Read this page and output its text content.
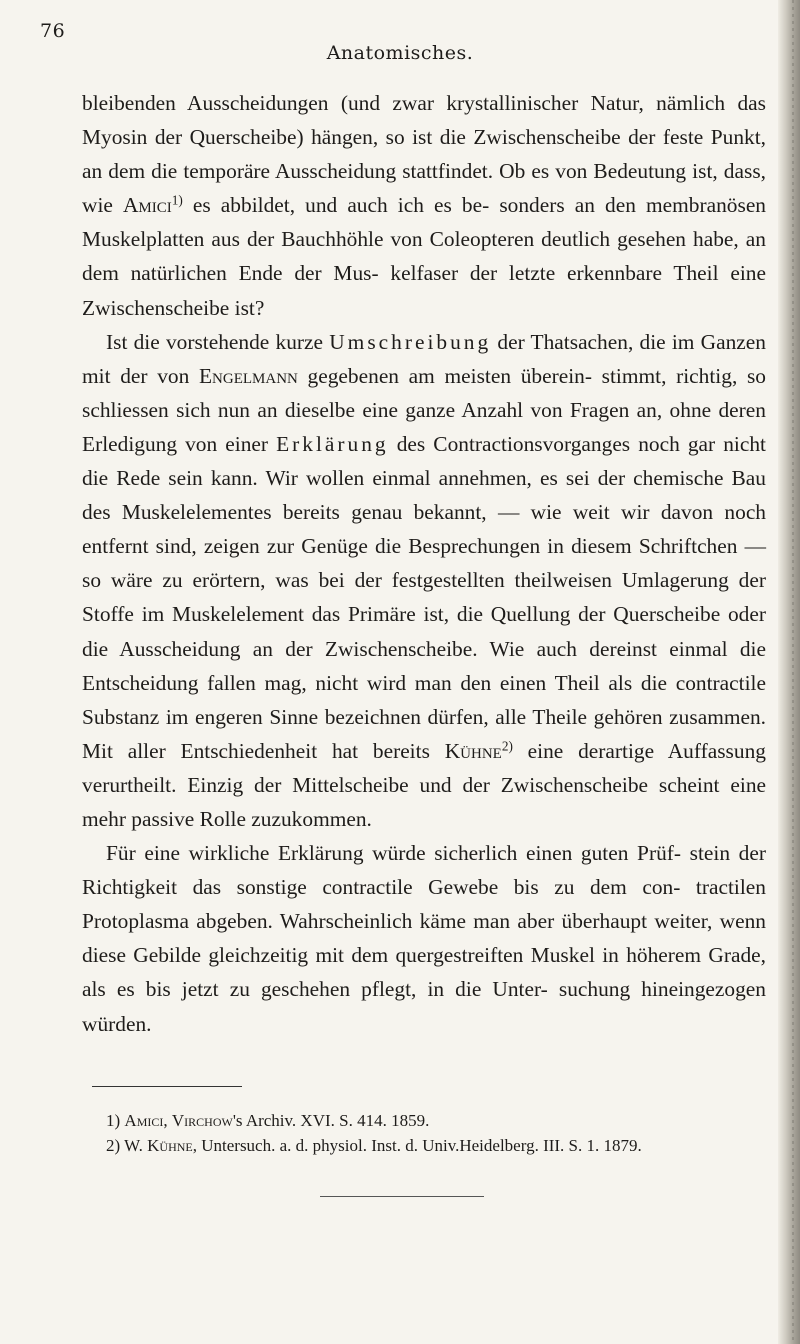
76
Anatomisches.

bleibenden Ausscheidungen (und zwar krystallinischer Natur, nämlich das Myosin der Querscheibe) hängen, so ist die Zwischenscheibe der feste Punkt, an dem die temporäre Ausscheidung stattfindet. Ob es von Bedeutung ist, dass, wie Amici$^{1)}$ es abbildet, und auch ich es be- sonders an den membranösen Muskelplatten aus der Bauchhöhle von Coleopteren deutlich gesehen habe, an dem natürlichen Ende der Mus- kelfaser der letzte erkennbare Theil eine Zwischenscheibe ist?

Ist die vorstehende kurze Umschreibung der Thatsachen, die im Ganzen mit der von Engelmann gegebenen am meisten überein- stimmt, richtig, so schliessen sich nun an dieselbe eine ganze Anzahl von Fragen an, ohne deren Erledigung von einer Erklärung des Contractionsvorganges noch gar nicht die Rede sein kann. Wir wollen einmal annehmen, es sei der chemische Bau des Muskelelementes bereits genau bekannt, — wie weit wir davon noch entfernt sind, zeigen zur Genüge die Besprechungen in diesem Schriftchen — so wäre zu erörtern, was bei der festgestellten theilweisen Umlagerung der Stoffe im Muskelelement das Primäre ist, die Quellung der Querscheibe oder die Ausscheidung an der Zwischenscheibe. Wie auch dereinst einmal die Entscheidung fallen mag, nicht wird man den einen Theil als die contractile Substanz im engeren Sinne bezeichnen dürfen, alle Theile gehören zusammen. Mit aller Entschiedenheit hat bereits Kühne$^{2)}$ eine derartige Auffassung verurtheilt. Einzig der Mittelscheibe und der Zwischenscheibe scheint eine mehr passive Rolle zuzukommen.

Für eine wirkliche Erklärung würde sicherlich einen guten Prüf- stein der Richtigkeit das sonstige contractile Gewebe bis zu dem con- tractilen Protoplasma abgeben. Wahrscheinlich käme man aber überhaupt weiter, wenn diese Gebilde gleichzeitig mit dem quergestreiften Muskel in höherem Grade, als es bis jetzt zu geschehen pflegt, in die Unter- suchung hineingezogen würden.

1) Amici, Virchow's Archiv. XVI. S. 414. 1859.
2) W. Kühne, Untersuch. a. d. physiol. Inst. d. Univ.Heidelberg. III. S. 1. 1879.
